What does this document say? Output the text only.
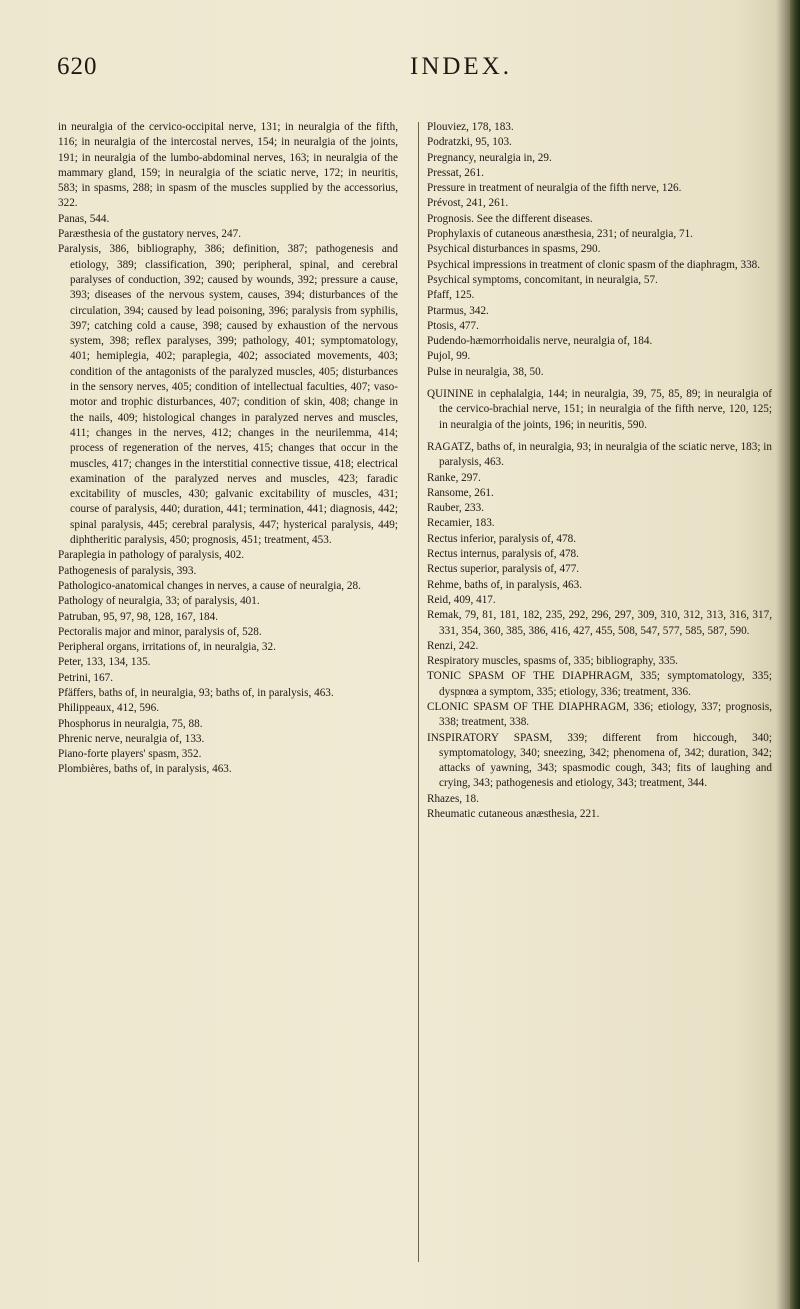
620	INDEX.

in neuralgia of the cervico-occipital nerve, 131; in neuralgia of the fifth, 116; in neuralgia of the intercostal nerves, 154; in neuralgia of the joints, 191; in neuralgia of the lumbo-abdominal nerves, 163; in neuralgia of the mammary gland, 159; in neuralgia of the sciatic nerve, 172; in neuritis, 583; in spasms, 288; in spasm of the muscles supplied by the accessorius, 322.

Panas, 544.

Paræsthesia of the gustatory nerves, 247.

Paralysis, 386, bibliography, 386; definition, 387; pathogenesis and etiology, 389; classification, 390; peripheral, spinal, and cerebral paralyses of conduction, 392; caused by wounds, 392; pressure a cause, 393; diseases of the nervous system, causes, 394; disturbances of the circulation, 394; caused by lead poisoning, 396; paralysis from syphilis, 397; catching cold a cause, 398; caused by exhaustion of the nervous system, 398; reflex paralyses, 399; pathology, 401; symptomatology, 401; hemiplegia, 402; paraplegia, 402; associated movements, 403; condition of the antagonists of the paralyzed muscles, 405; disturbances in the sensory nerves, 405; condition of intellectual faculties, 407; vaso-motor and trophic disturbances, 407; condition of skin, 408; change in the nails, 409; histological changes in paralyzed nerves and muscles, 411; changes in the nerves, 412; changes in the neurilemma, 414; process of regeneration of the nerves, 415; changes that occur in the muscles, 417; changes in the interstitial connective tissue, 418; electrical examination of the paralyzed nerves and muscles, 423; faradic excitability of muscles, 430; galvanic excitability of muscles, 431; course of paralysis, 440; duration, 441; termination, 441; diagnosis, 442; spinal paralysis, 445; cerebral paralysis, 447; hysterical paralysis, 449; diphtheritic paralysis, 450; prognosis, 451; treatment, 453.

Paraplegia in pathology of paralysis, 402.

Pathogenesis of paralysis, 393.

Pathologico-anatomical changes in nerves, a cause of neuralgia, 28.

Pathology of neuralgia, 33; of paralysis, 401.

Patruban, 95, 97, 98, 128, 167, 184.

Pectoralis major and minor, paralysis of, 528.

Peripheral organs, irritations of, in neuralgia, 32.

Peter, 133, 134, 135.

Petrini, 167.

Pfäffers, baths of, in neuralgia, 93; baths of, in paralysis, 463.

Philippeaux, 412, 596.

Phosphorus in neuralgia, 75, 88.

Phrenic nerve, neuralgia of, 133.

Piano-forte players' spasm, 352.

Plombières, baths of, in paralysis, 463.

Plouviez, 178, 183.

Podratzki, 95, 103.

Pregnancy, neuralgia in, 29.

Pressat, 261.

Pressure in treatment of neuralgia of the fifth nerve, 126.

Prévost, 241, 261.

Prognosis. See the different diseases.

Prophylaxis of cutaneous anæsthesia, 231; of neuralgia, 71.

Psychical disturbances in spasms, 290.

Psychical impressions in treatment of clonic spasm of the diaphragm, 338.

Psychical symptoms, concomitant, in neuralgia, 57.

Pfaff, 125.

Ptarmus, 342.

Ptosis, 477.

Pudendo-hæmorrhoidalis nerve, neuralgia of, 184.

Pujol, 99.

Pulse in neuralgia, 38, 50.

QUININE in cephalalgia, 144; in neuralgia, 39, 75, 85, 89; in neuralgia of the cervico-brachial nerve, 151; in neuralgia of the fifth nerve, 120, 125; in neuralgia of the joints, 196; in neuritis, 590.

RAGATZ, baths of, in neuralgia, 93; in neuralgia of the sciatic nerve, 183; in paralysis, 463.

Ranke, 297.

Ransome, 261.

Rauber, 233.

Recamier, 183.

Rectus inferior, paralysis of, 478.

Rectus internus, paralysis of, 478.

Rectus superior, paralysis of, 477.

Rehme, baths of, in paralysis, 463.

Reid, 409, 417.

Remak, 79, 81, 181, 182, 235, 292, 296, 297, 309, 310, 312, 313, 316, 317, 331, 354, 360, 385, 386, 416, 427, 455, 508, 547, 577, 585, 587, 590.

Renzi, 242.

Respiratory muscles, spasms of, 335; bibliography, 335.

TONIC SPASM OF THE DIAPHRAGM, 335; symptomatology, 335; dyspnœa a symptom, 335; etiology, 336; treatment, 336.

CLONIC SPASM OF THE DIAPHRAGM, 336; etiology, 337; prognosis, 338; treatment, 338.

INSPIRATORY SPASM, 339; different from hiccough, 340; symptomatology, 340; sneezing, 342; phenomena of, 342; duration, 342; attacks of yawning, 343; spasmodic cough, 343; fits of laughing and crying, 343; pathogenesis and etiology, 343; treatment, 344.

Rhazes, 18.

Rheumatic cutaneous anæsthesia, 221.
